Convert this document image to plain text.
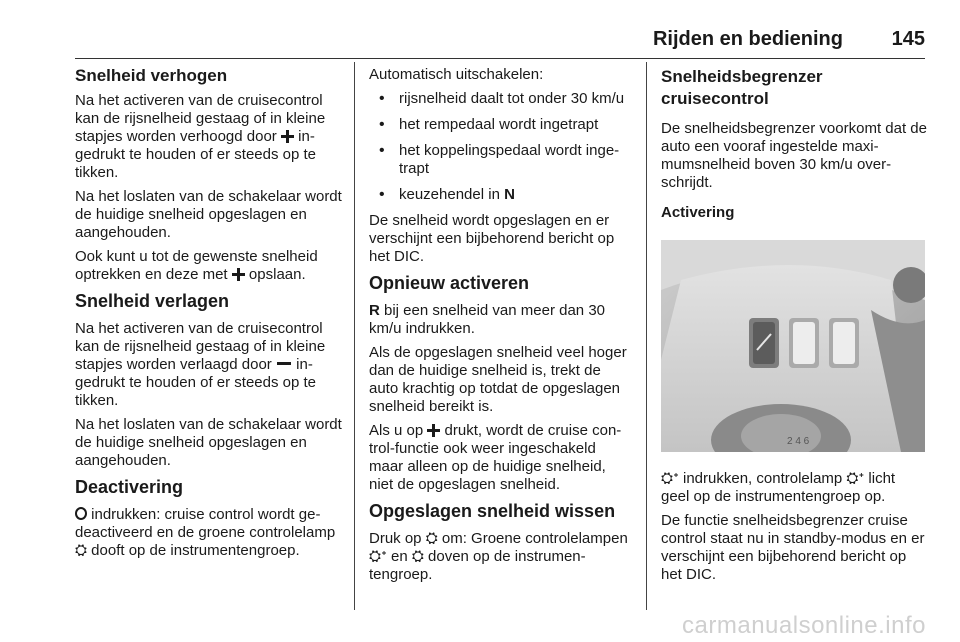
Rijden en bediening 145
Snelheid verhogen

Na het activeren van de cruisecontrol kan de rijsnelheid gestaag of in kleine stapjes worden verhoogd door  ingedrukt te houden of er steeds op te tikken.

Na het loslaten van de schakelaar wordt de huidige snelheid opgeslagen en aangehouden.

Ook kunt u tot de gewenste snelheid optrekken en deze met  opslaan.

Snelheid verlagen

Na het activeren van de cruisecontrol kan de rijsnelheid gestaag of in kleine stapjes worden verlaagd door  ingedrukt te houden of er steeds op te tikken.

Na het loslaten van de schakelaar wordt de huidige snelheid opgeslagen en aangehouden.

Deactivering

indrukken: cruise control wordt gedeactiveerd en de groene controlelamp ⛭ dooft op de instrumentengroep.

Automatisch uitschakelen:

• rijsnelheid daalt tot onder 30 km/u
• het rempedaal wordt ingetrapt
• het koppelingspedaal wordt ingetrapt
• keuzehendel in N

De snelheid wordt opgeslagen en er verschijnt een bijbehorend bericht op het DIC.

Opnieuw activeren

R bij een snelheid van meer dan 30 km/u indrukken.

Als de opgeslagen snelheid veel hoger dan de huidige snelheid is, trekt de auto krachtig op totdat de opgeslagen snelheid bereikt is.

Als u op  drukt, wordt de cruise control-functie ook weer ingeschakeld maar alleen op de huidige snelheid, niet de opgeslagen snelheid.

Opgeslagen snelheid wissen

Druk op ⛭ om: Groene controlelampen ⛭ᐩ en ⛭ doven op de instrumentengroep.

Snelheidsbegrenzer cruisecontrol

De snelheidsbegrenzer voorkomt dat de auto een vooraf ingestelde maximumsnelheid boven 30 km/u overschrijdt.

Activering
2 4 6

⛭ᐩ indrukken, controlelamp ⛭ᐩ licht geel op de instrumentengroep op.

De functie snelheidsbegrenzer cruise control staat nu in standby-modus en er verschijnt een bijbehorend bericht op het DIC.

carmanualsonline.info
